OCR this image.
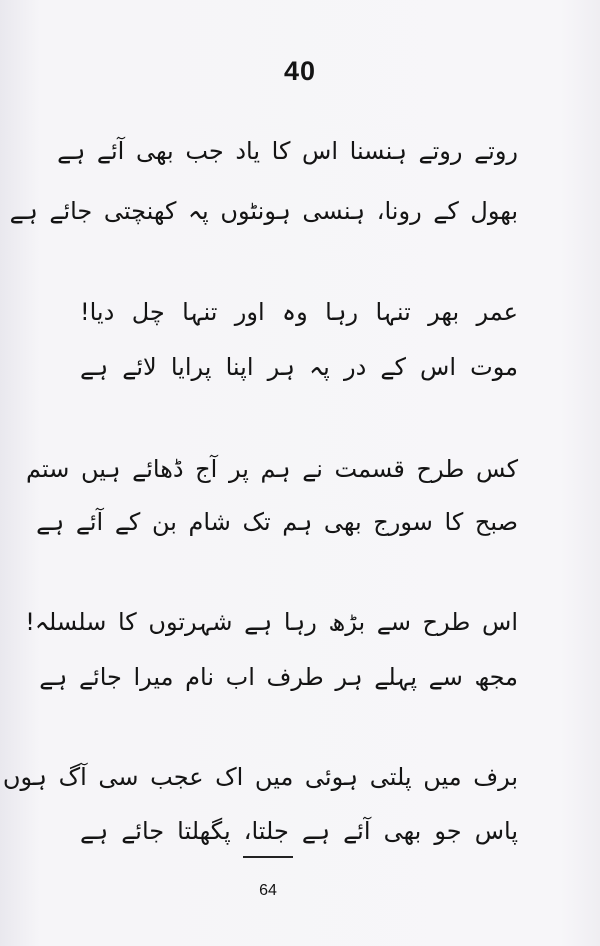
40
روتے روتے ہنسنا اس کا یاد جب بھی آئے ہے
بھول کے رونا، ہنسی ہونٹوں پہ کھنچتی جائے ہے
عمر بھر تنہا رہا وہ اور تنہا چل دیا!
موت اس کے در پہ ہر اپنا پرایا لائے ہے
کس طرح قسمت نے ہم پر آج ڈھائے ہیں ستم
صبح کا سورج بھی ہم تک شام بن کے آئے ہے
اس طرح سے بڑھ رہا ہے شہرتوں کا سلسلہ!
مجھ سے پہلے ہر طرف اب نام میرا جائے ہے
برف میں پلتی ہوئی میں اک عجب سی آگ ہوں
پاس جو بھی آئے ہے جلتا، پگھلتا جائے ہے
64
